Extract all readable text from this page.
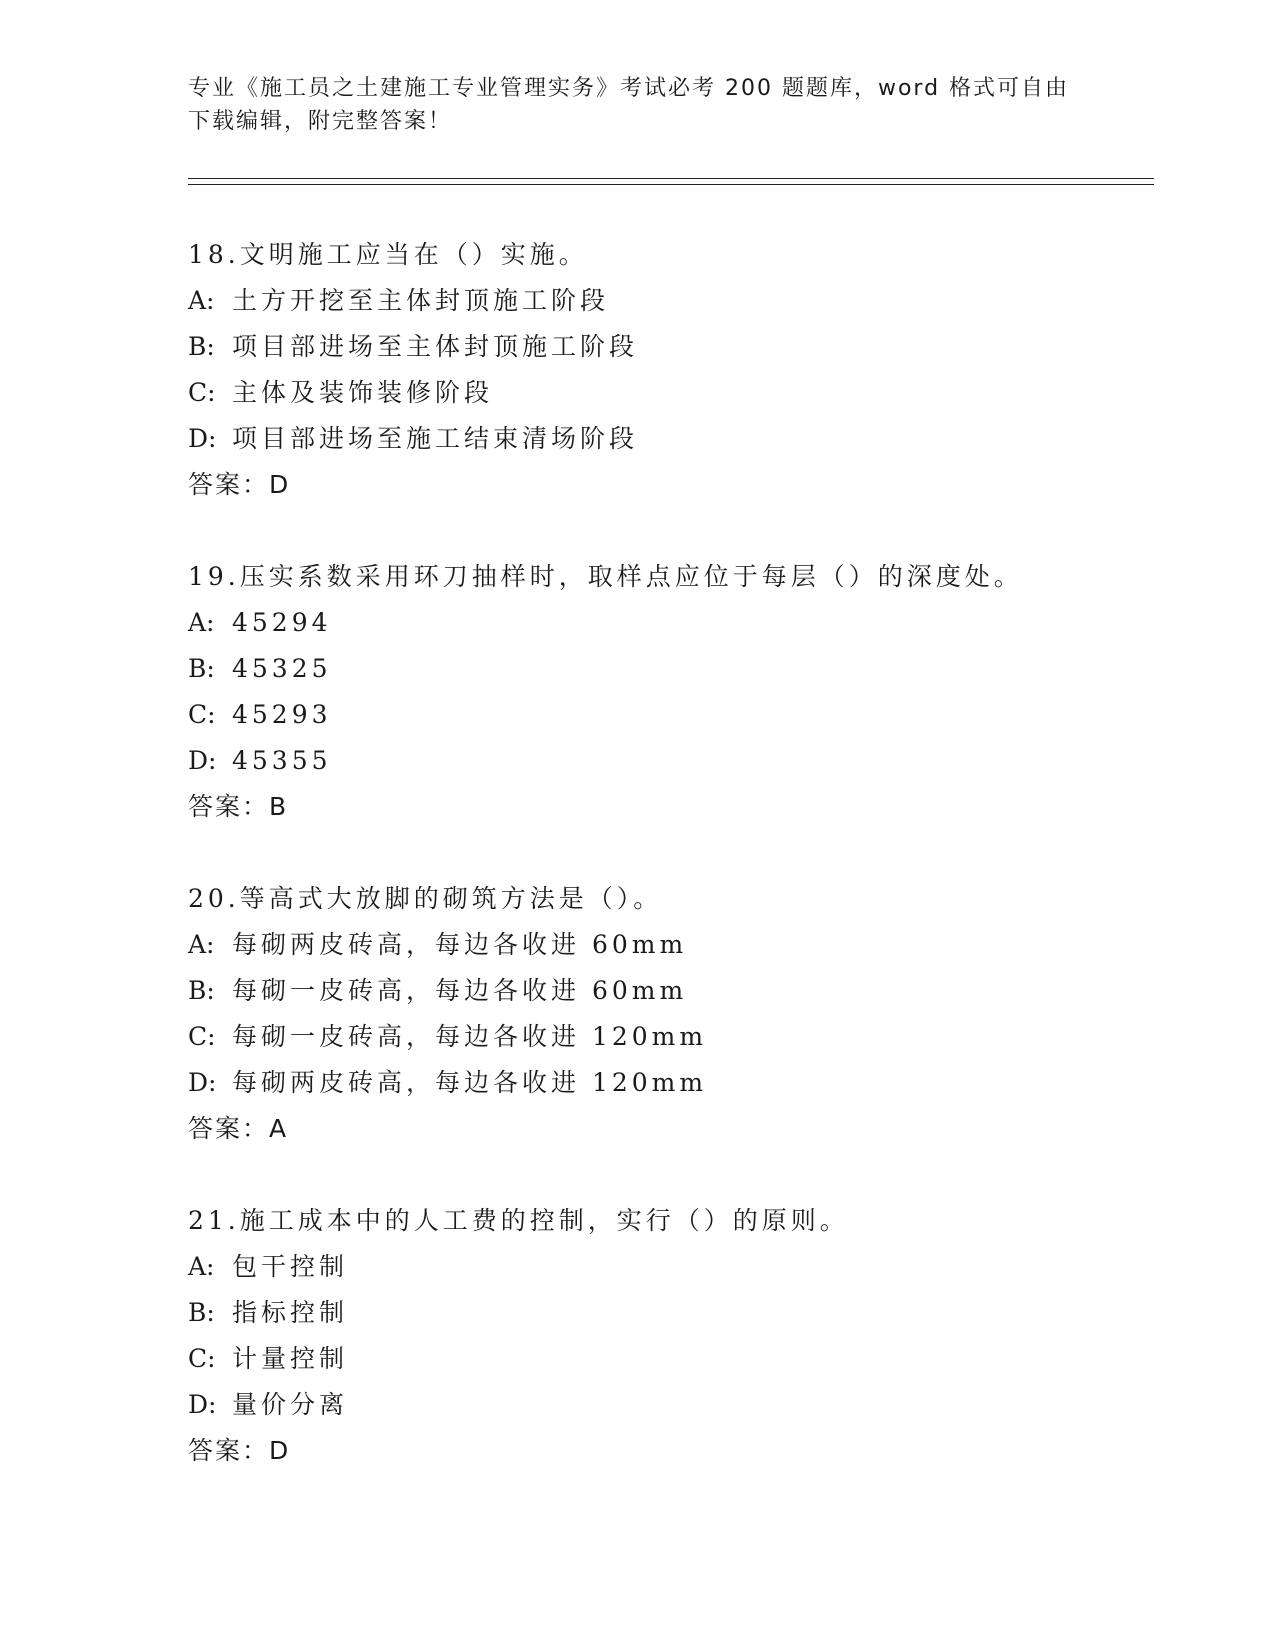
专业《施工员之土建施工专业管理实务》考试必考 200 题题库，word 格式可自由
下载编辑，附完整答案！
18.文明施工应当在（）实施。
A: 土方开挖至主体封顶施工阶段
B: 项目部进场至主体封顶施工阶段
C: 主体及装饰装修阶段
D: 项目部进场至施工结束清场阶段
答案：D
19.压实系数采用环刀抽样时，取样点应位于每层（）的深度处。
A: 45294
B: 45325
C: 45293
D: 45355
答案：B
20.等高式大放脚的砌筑方法是（）。
A: 每砌两皮砖高，每边各收进 60mm
B: 每砌一皮砖高，每边各收进 60mm
C: 每砌一皮砖高，每边各收进 120mm
D: 每砌两皮砖高，每边各收进 120mm
答案：A
21.施工成本中的人工费的控制，实行（）的原则。
A: 包干控制
B: 指标控制
C: 计量控制
D: 量价分离
答案：D
